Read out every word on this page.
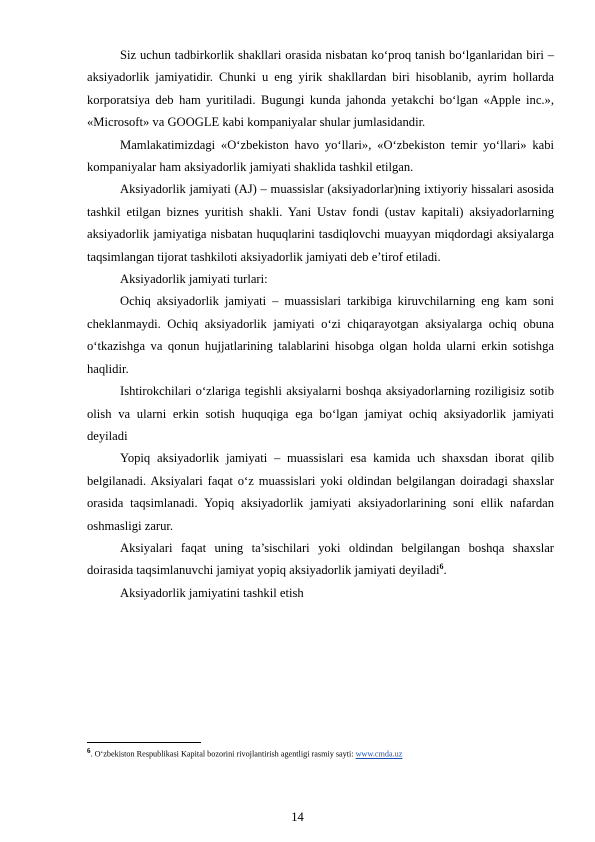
Siz uchun tadbirkorlik shakllari orasida nisbatan ko‘proq tanish bo‘lganlaridan biri – aksiyadorlik jamiyatidir. Chunki u eng yirik shakllardan biri hisoblanib, ayrim hollarda korporatsiya deb ham yuritiladi. Bugungi kunda jahonda yetakchi bo‘lgan «Apple inc.», «Microsoft» va GOOGLE kabi kompaniyalar shular jumlasidandir.

Mamlakatimizdagi «O‘zbekiston havo yo‘llari», «O‘zbekiston temir yo‘llari» kabi kompaniyalar ham aksiyadorlik jamiyati shaklida tashkil etilgan.

Aksiyadorlik jamiyati (AJ) – muassislar (aksiyadorlar)ning ixtiyoriy hissalari asosida tashkil etilgan biznes yuritish shakli. Yani Ustav fondi (ustav kapitali) aksiyadorlarning aksiyadorlik jamiyatiga nisbatan huquqlarini tasdiqlovchi muayyan miqdordagi aksiyalarga taqsimlangan tijorat tashkiloti aksiyadorlik jamiyati deb e’tirof etiladi.

Aksiyadorlik jamiyati turlari:

Ochiq aksiyadorlik jamiyati – muassislari tarkibiga kiruvchilarning eng kam soni cheklanmaydi. Ochiq aksiyadorlik jamiyati o‘zi chiqarayotgan aksiyalarga ochiq obuna o‘tkazishga va qonun hujjatlarining talablarini hisobga olgan holda ularni erkin sotishga haqlidir.

Ishtirokchilari o‘zlariga tegishli aksiyalarni boshqa aksiyadorlarning roziligisiz sotib olish va ularni erkin sotish huquqiga ega bo‘lgan jamiyat ochiq aksiyadorlik jamiyati deyiladi

Yopiq aksiyadorlik jamiyati – muassislari esa kamida uch shaxsdan iborat qilib belgilanadi. Aksiyalari faqat o‘z muassislari yoki oldindan belgilangan doiradagi shaxslar orasida taqsimlanadi. Yopiq aksiyadorlik jamiyati aksiyadorlarining soni ellik nafardan oshmasligi zarur.

Aksiyalari faqat uning ta’sischilari yoki oldindan belgilangan boshqa shaxslar doirasida taqsimlanuvchi jamiyat yopiq aksiyadorlik jamiyati deyiladi$^6$.

Aksiyadorlik jamiyatini tashkil etish

6. O‘zbekiston Respublikasi Kapital bozorini rivojlantirish agentligi rasmiy sayti: www.cmda.uz
14
